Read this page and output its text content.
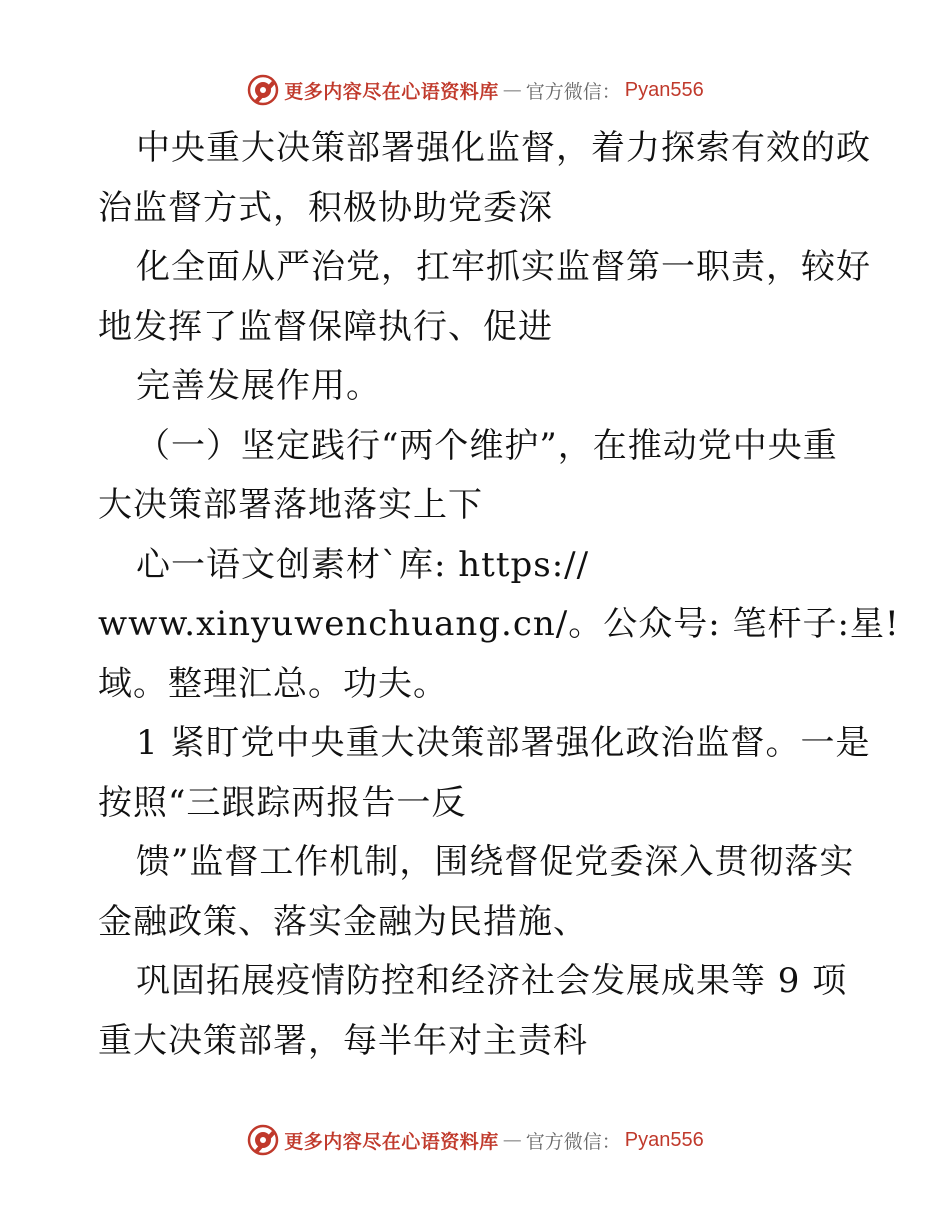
更多内容尽在心语资料库 — 官方微信： Pyan556
中央重大决策部署强化监督，着力探索有效的政
治监督方式，积极协助党委深
化全面从严治党，扛牢抓实监督第一职责，较好
地发挥了监督保障执行、促进
完善发展作用。
（一）坚定践行“两个维护”，在推动党中央重
大决策部署落地落实上下
心一语文创素材`库: https://
www.xinyuwenchuang.cn/。公众号: 笔杆子:星!
域。整理汇总。功夫。
1 紧盯党中央重大决策部署强化政治监督。一是
按照“三跟踪两报告一反
馈”监督工作机制，围绕督促党委深入贯彻落实
金融政策、落实金融为民措施、
巩固拓展疫情防控和经济社会发展成果等 9 项
重大决策部署，每半年对主责科
更多内容尽在心语资料库 — 官方微信： Pyan556
